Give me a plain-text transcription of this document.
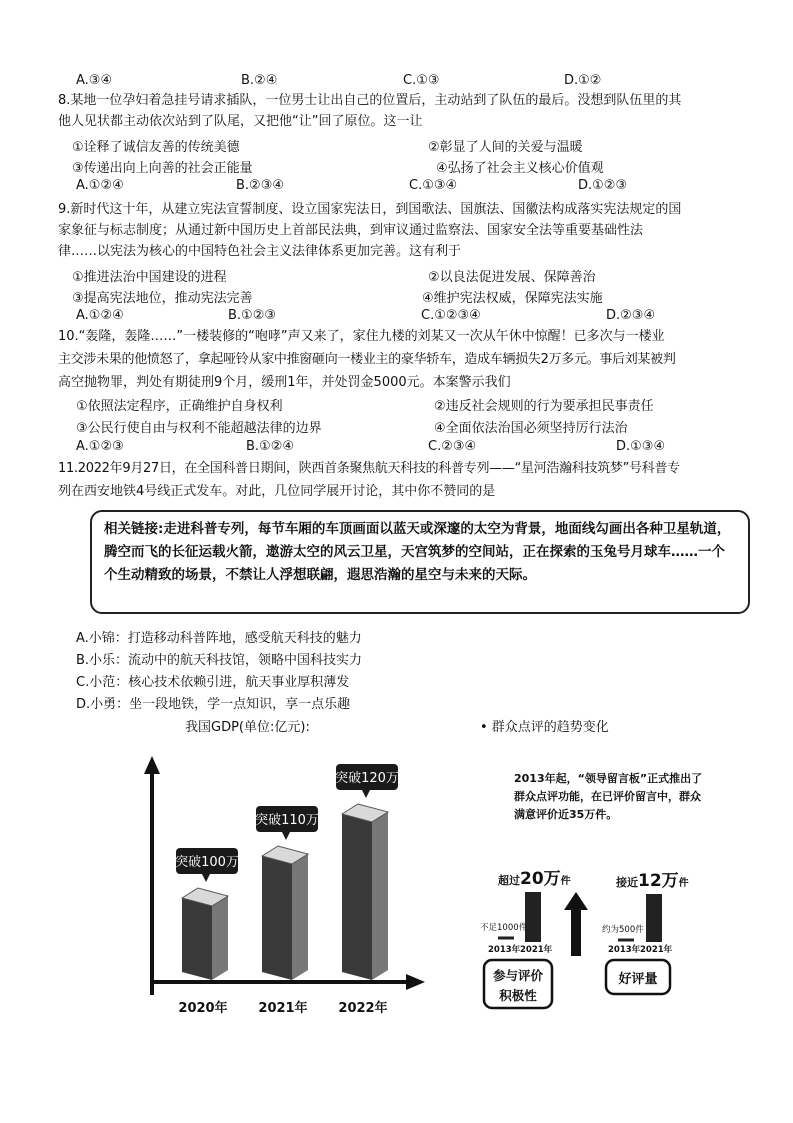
A.③④	B.②④	C.①③	D.①②
8.某地一位孕妇着急挂号请求插队，一位男士让出自己的位置后，主动站到了队伍的最后。没想到队伍里的其
他人见状都主动依次站到了队尾，又把他“让”回了原位。这一让
①诠释了诚信友善的传统美德	②彰显了人间的关爱与温暖
③传递出向上向善的社会正能量	④弘扬了社会主义核心价值观
A.①②④	B.②③④	C.①③④	D.①②③
9.新时代这十年，从建立宪法宣誓制度、设立国家宪法日，到国歌法、国旗法、国徽法构成落实宪法规定的国
家象征与标志制度；从通过新中国历史上首部民法典，到审议通过监察法、国家安全法等重要基础性法
律……以宪法为核心的中国特色社会主义法律体系更加完善。这有利于
①推进法治中国建设的进程	②以良法促进发展、保障善治
③提高宪法地位，推动宪法完善	④维护宪法权威，保障宪法实施
A.①②④	B.①②③	C.①②③④	D.②③④
10.“轰隆，轰隆……”一楼装修的“咆哮”声又来了，家住九楼的刘某又一次从午休中惊醒！已多次与一楼业
主交涉未果的他愤怒了，拿起哑铃从家中推窗砸向一楼业主的豪华轿车，造成车辆损失2万多元。事后刘某被判
高空抛物罪，判处有期徒刑9个月，缓刑1年，并处罚金5000元。本案警示我们
①依照法定程序，正确维护自身权利	②违反社会规则的行为要承担民事责任
③公民行使自由与权利不能超越法律的边界	④全面依法治国必须坚持厉行法治
A.①②③	B.①②④	C.②③④	D.①③④
11.2022年9月27日，在全国科普日期间，陕西首条聚焦航天科技的科普专列——“星河浩瀚科技筑梦”号科普专
列在西安地铁4号线正式发车。对此，几位同学展开讨论，其中你不赞同的是
相关链接:走进科普专列，每节车厢的车顶画面以蓝天或深邃的太空为背景，地面线勾画出各种卫星轨道，腾空而飞的长征运载火箭，遨游太空的风云卫星，天宫筑梦的空间站，正在探索的玉兔号月球车……一个个生动精致的场景，不禁让人浮想联翩，遐思浩瀚的星空与未来的天际。
A.小锦：打造移动科普阵地，感受航天科技的魅力
B.小乐：流动中的航天科技馆，领略中国科技实力
C.小范：核心技术依赖引进，航天事业厚积薄发
D.小勇：坐一段地铁，学一点知识，享一点乐趣
我国GDP(单位:亿元):	• 群众点评的趋势变化
突破100万
2020年
突破110万
2021年
突破120万
2022年
2013年起，“领导留言板”正式推出了
群众点评功能，在已评价留言中，群众
满意评价近35万件。
超过20万件
不足1000件
2013年 2021年
接近12万件
约为500件
2013年 2021年
参与评价
积极性
好评量
